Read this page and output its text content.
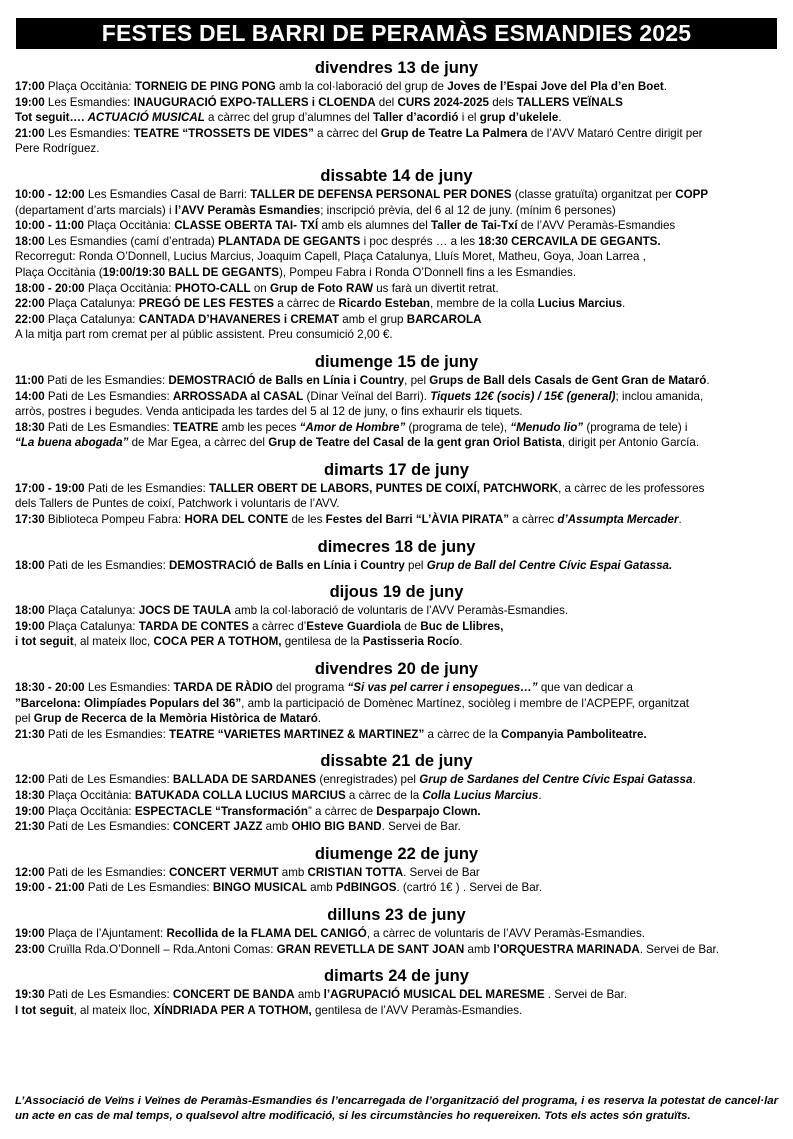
FESTES DEL BARRI DE PERAMÀS ESMANDIES 2025
divendres 13 de juny
17:00 Plaça Occitània: TORNEIG DE PING PONG amb la col·laboració del grup de Joves de l’Espai Jove del Pla d’en Boet.
19:00 Les Esmandies: INAUGURACIÓ EXPO-TALLERS i CLOENDA del CURS 2024-2025 dels TALLERS VEÏNALS
Tot seguit…. ACTUACIÓ MUSICAL a càrrec del grup d’alumnes del Taller d’acordió i el grup d’ukelele.
21:00 Les Esmandies: TEATRE “TROSSETS DE VIDES” a càrrec del Grup de Teatre La Palmera de l’AVV Mataró Centre dirigit per
Pere Rodríguez.
dissabte 14 de juny
10:00 - 12:00 Les Esmandies Casal de Barri: TALLER DE DEFENSA PERSONAL PER DONES (classe gratuïta) organitzat per COPP
(departament d’arts marcials) i l’AVV Peramàs Esmandies; inscripció prèvia, del 6 al 12 de juny. (mínim 6 persones)
10:00 - 11:00 Plaça Occitània: CLASSE OBERTA TAI- TXÍ amb els alumnes del Taller de Tai-Txí de l’AVV Peramàs-Esmandies
18:00 Les Esmandies (camí d’entrada) PLANTADA DE GEGANTS i poc després … a les 18:30 CERCAVILA DE GEGANTS.
Recorregut: Ronda O’Donnell, Lucius Marcius, Joaquim Capell, Plaça Catalunya, Lluís Moret, Matheu, Goya, Joan Larrea ,
Plaça Occitània (19:00/19:30 BALL DE GEGANTS), Pompeu Fabra i Ronda O’Donnell fins a les Esmandies.
18:00 - 20:00 Plaça Occitània: PHOTO-CALL on Grup de Foto RAW us farà un divertit retrat.
22:00 Plaça Catalunya: PREGÓ DE LES FESTES a càrrec de Ricardo Esteban, membre de la colla Lucius Marcius.
22:00 Plaça Catalunya: CANTADA D’HAVANERES i CREMAT amb el grup BARCAROLA
A la mitja part rom cremat per al públic assistent. Preu consumició 2,00 €.
diumenge 15 de juny
11:00 Pati de les Esmandies: DEMOSTRACIÓ de Balls en Línia i Country, pel Grups de Ball dels Casals de Gent Gran de Mataró.
14:00 Pati de Les Esmandies: ARROSSADA al CASAL (Dinar Veïnal del Barri). Tiquets 12€ (socis) / 15€ (general); inclou amanida,
arròs, postres i begudes. Venda anticipada les tardes del 5 al 12 de juny, o fins exhaurir els tiquets.
18:30 Pati de Les Esmandies: TEATRE amb les peces “Amor de Hombre” (programa de tele), “Menudo lio” (programa de tele) i
“La buena abogada” de Mar Egea, a càrrec del Grup de Teatre del Casal de la gent gran Oriol Batista, dirigit per Antonio García.
dimarts 17 de juny
17:00 - 19:00 Pati de les Esmandies: TALLER OBERT DE LABORS, PUNTES DE COIXÍ, PATCHWORK, a càrrec de les professores
dels Tallers de Puntes de coixí, Patchwork i voluntaris de l’AVV.
17:30 Biblioteca Pompeu Fabra: HORA DEL CONTE de les Festes del Barri “L’ÀVIA PIRATA” a càrrec d’Assumpta Mercader.
dimecres 18 de juny
18:00 Pati de les Esmandies: DEMOSTRACIÓ de Balls en Línia i Country pel Grup de Ball del Centre Cívic Espai Gatassa.
dijous 19 de juny
18:00 Plaça Catalunya: JOCS DE TAULA amb la col·laboració de voluntaris de l’AVV Peramàs-Esmandies.
19:00 Plaça Catalunya: TARDA DE CONTES a càrrec d’Esteve Guardiola de Buc de Llibres,
i tot seguit, al mateix lloc, COCA PER A TOTHOM, gentilesa de la Pastisseria Rocío.
divendres 20 de juny
18:30 - 20:00 Les Esmandies: TARDA DE RÀDIO del programa “Si vas pel carrer i ensopegues…” que van dedicar a
”Barcelona: Olimpíades Populars del 36”, amb la participació de Domènec Martínez, sociòleg i membre de l’ACPEPF, organitzat
pel Grup de Recerca de la Memòria Històrica de Mataró.
21:30 Pati de les Esmandies: TEATRE “VARIETES MARTINEZ & MARTINEZ” a càrrec de la Companyia Pamboliteatre.
dissabte 21 de juny
12:00 Pati de Les Esmandies: BALLADA DE SARDANES (enregistrades) pel Grup de Sardanes del Centre Cívic Espai Gatassa.
18:30 Plaça Occitània: BATUKADA COLLA LUCIUS MARCIUS a càrrec de la Colla Lucius Marcius.
19:00 Plaça Occitània: ESPECTACLE “Transformación” a càrrec de Desparpajo Clown.
21:30 Pati de Les Esmandies: CONCERT JAZZ amb OHIO BIG BAND. Servei de Bar.
diumenge 22 de juny
12:00 Pati de les Esmandies: CONCERT VERMUT amb CRISTIAN TOTTA. Servei de Bar
19:00 - 21:00 Pati de Les Esmandies: BINGO MUSICAL amb PdBINGOS. (cartró 1€ ) . Servei de Bar.
dilluns 23 de juny
19:00 Plaça de l’Ajuntament: Recollida de la FLAMA DEL CANIGÓ, a càrrec de voluntaris de l’AVV Peramàs-Esmandies.
23:00 Cruïlla Rda.O’Donnell – Rda.Antoni Comas: GRAN REVETLLA DE SANT JOAN amb l’ORQUESTRA MARINADA. Servei de Bar.
dimarts 24 de juny
19:30 Pati de Les Esmandies: CONCERT DE BANDA amb l’AGRUPACIÓ MUSICAL DEL MARESME . Servei de Bar.
I tot seguit, al mateix lloc, XÍNDRIADA PER A TOTHOM, gentilesa de l’AVV Peramàs-Esmandies.
L’Associació de Veïns i Veïnes de Peramàs-Esmandies és l’encarregada de l’organització del programa, i es reserva la potestat de cancel·lar un acte en cas de mal temps, o qualsevol altre modificació, si les circumstàncies ho requereixen. Tots els actes són gratuïts.
